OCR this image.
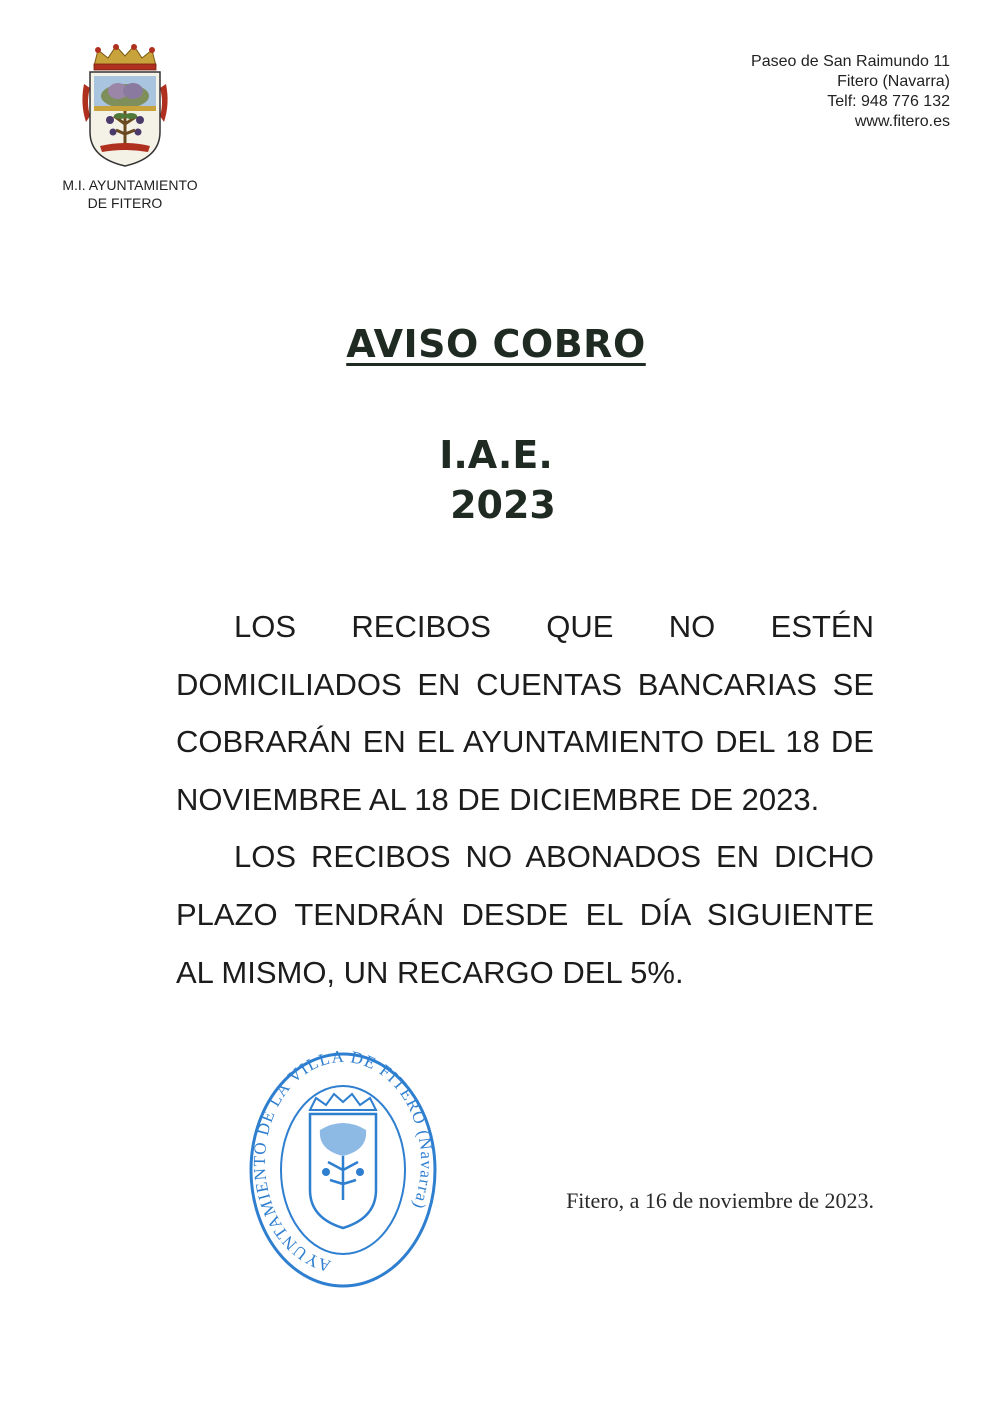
M.I. AYUNTAMIENTO
DE FITERO
Paseo de San Raimundo 11
Fitero (Navarra)
Telf: 948 776 132
www.fitero.es
AVISO COBRO
I.A.E.
2023

LOS RECIBOS QUE NO ESTÉN DOMICILIADOS EN CUENTAS BANCARIAS SE COBRARÁN EN EL AYUNTAMIENTO DEL 18 DE NOVIEMBRE AL 18 DE DICIEMBRE DE 2023.

LOS RECIBOS NO ABONADOS EN DICHO PLAZO TENDRÁN DESDE EL DÍA SIGUIENTE AL MISMO, UN RECARGO DEL 5%.

AYUNTAMIENTO DE LA VILLA DE FITERO (Navarra)	Fitero, a 16 de noviembre de 2023.
